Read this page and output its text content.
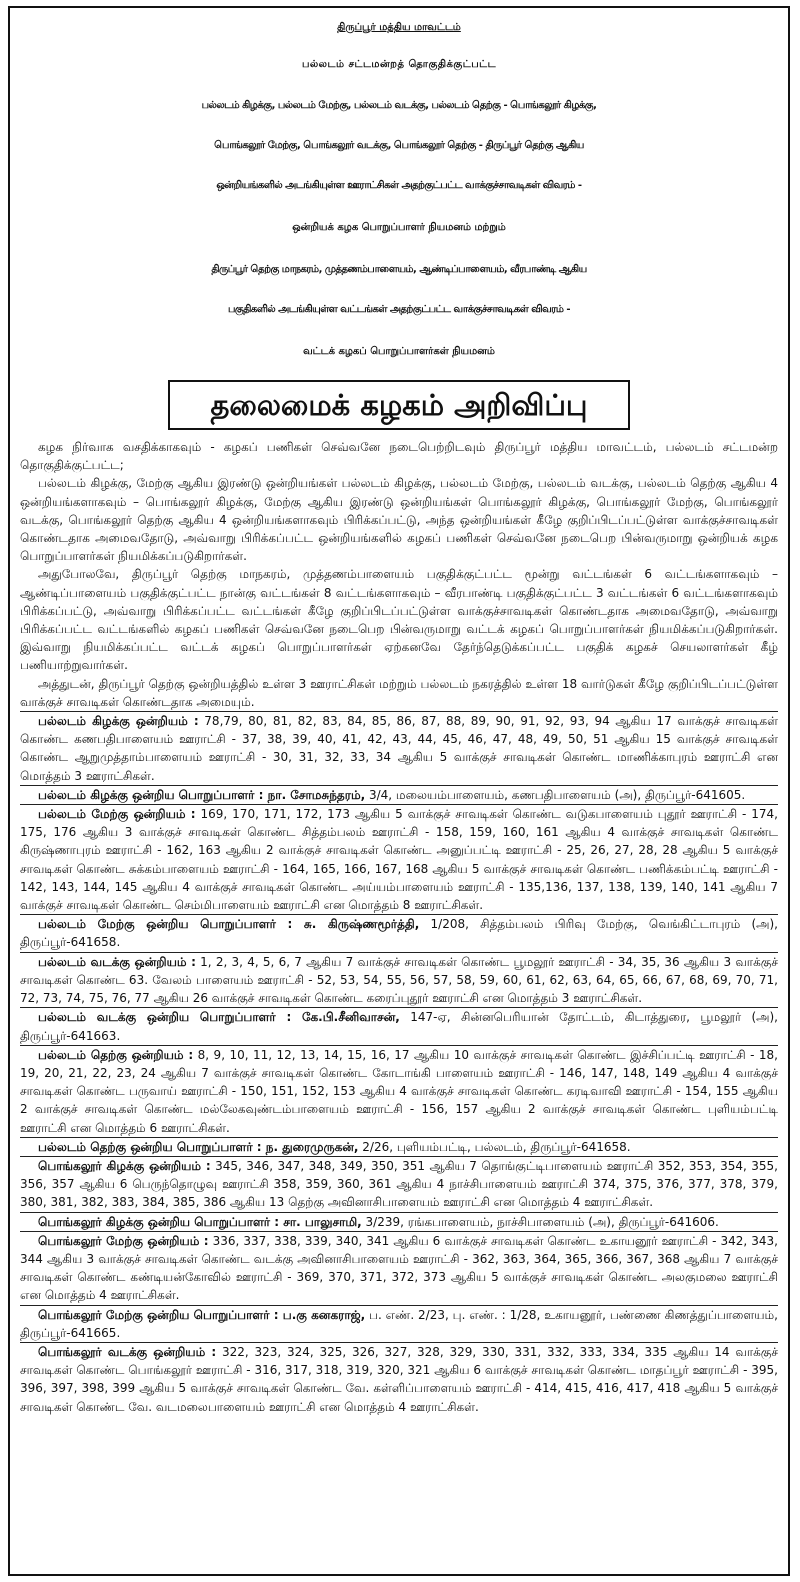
திருப்பூர் மத்திய மாவட்டம்
பல்லடம் சட்டமன்றத் தொகுதிக்குட்பட்ட
பல்லடம் கிழக்கு, பல்லடம் மேற்கு, பல்லடம் வடக்கு, பல்லடம் தெற்கு - பொங்கலூர் கிழக்கு,
பொங்கலூர் மேற்கு, பொங்கலூர் வடக்கு, பொங்கலூர் தெற்கு - திருப்பூர் தெற்கு ஆகிய
ஒன்றியங்களில் அடங்கியுள்ள ஊராட்சிகள் அதற்குட்பட்ட வாக்குச்சாவடிகள் விவரம் -
ஒன்றியக் கழக பொறுப்பாளர் நியமனம் மற்றும்
திருப்பூர் தெற்கு மாநகரம், முத்தணம்பாளையம், ஆண்டிப்பாளையம், வீரபாண்டி ஆகிய
பகுதிகளில் அடங்கியுள்ள வட்டங்கள் அதற்குட்பட்ட வாக்குச்சாவடிகள் விவரம் -
வட்டக் கழகப் பொறுப்பாளர்கள் நியமனம்
தலைமைக் கழகம் அறிவிப்பு

கழக நிர்வாக வசதிக்காகவும் - கழகப் பணிகள் செவ்வனே நடைபெற்றிடவும் திருப்பூர் மத்திய மாவட்டம், பல்லடம் சட்டமன்ற தொகுதிக்குட்பட்ட;

பல்லடம் கிழக்கு, மேற்கு ஆகிய இரண்டு ஒன்றியங்கள் பல்லடம் கிழக்கு, பல்லடம் மேற்கு, பல்லடம் வடக்கு, பல்லடம் தெற்கு ஆகிய 4 ஒன்றியங்களாகவும் – பொங்கலூர் கிழக்கு, மேற்கு ஆகிய இரண்டு ஒன்றியங்கள் பொங்கலூர் கிழக்கு, பொங்கலூர் மேற்கு, பொங்கலூர் வடக்கு, பொங்கலூர் தெற்கு ஆகிய 4 ஒன்றியங்களாகவும் பிரிக்கப்பட்டு, அந்த ஒன்றியங்கள் கீழே குறிப்பிடப்பட்டுள்ள வாக்குச்சாவடிகள் கொண்டதாக அமைவதோடு, அவ்வாறு பிரிக்கப்பட்ட ஒன்றியங்களில் கழகப் பணிகள் செவ்வனே நடைபெற பின்வருமாறு ஒன்றியக் கழக பொறுப்பாளர்கள் நியமிக்கப்படுகிறார்கள்.

அதுபோலவே, திருப்பூர் தெற்கு மாநகரம், முத்தணம்பாளையம் பகுதிக்குட்பட்ட மூன்று வட்டங்கள் 6 வட்டங்களாகவும் – ஆண்டிப்பாளையம் பகுதிக்குட்பட்ட நான்கு வட்டங்கள் 8 வட்டங்களாகவும் – வீரபாண்டி பகுதிக்குட்பட்ட 3 வட்டங்கள் 6 வட்டங்களாகவும் பிரிக்கப்பட்டு, அவ்வாறு பிரிக்கப்பட்ட வட்டங்கள் கீழே குறிப்பிடப்பட்டுள்ள வாக்குச்சாவடிகள் கொண்டதாக அமைவதோடு, அவ்வாறு பிரிக்கப்பட்ட வட்டங்களில் கழகப் பணிகள் செவ்வனே நடைபெற பின்வருமாறு வட்டக் கழகப் பொறுப்பாளர்கள் நியமிக்கப்படுகிறார்கள். இவ்வாறு நியமிக்கப்பட்ட வட்டக் கழகப் பொறுப்பாளர்கள் ஏற்கனவே தேர்ந்தெடுக்கப்பட்ட பகுதிக் கழகச் செயலாளர்கள் கீழ் பணியாற்றுவார்கள்.

அத்துடன், திருப்பூர் தெற்கு ஒன்றியத்தில் உள்ள 3 ஊராட்சிகள் மற்றும் பல்லடம் நகரத்தில் உள்ள 18 வார்டுகள் கீழே குறிப்பிடப்பட்டுள்ள வாக்குச் சாவடிகள் கொண்டதாக அமையும்.

பல்லடம் கிழக்கு ஒன்றியம் : 78,79, 80, 81, 82, 83, 84, 85, 86, 87, 88, 89, 90, 91, 92, 93, 94 ஆகிய 17 வாக்குச் சாவடிகள் கொண்ட கணபதிபாளையம் ஊராட்சி - 37, 38, 39, 40, 41, 42, 43, 44, 45, 46, 47, 48, 49, 50, 51 ஆகிய 15 வாக்குச் சாவடிகள் கொண்ட ஆறுமுத்தாம்பாளையம் ஊராட்சி - 30, 31, 32, 33, 34 ஆகிய 5 வாக்குச் சாவடிகள் கொண்ட மாணிக்காபுரம் ஊராட்சி என மொத்தம் 3 ஊராட்சிகள்.

பல்லடம் கிழக்கு ஒன்றிய பொறுப்பாளர் : நா. சோமசுந்தரம், 3/4, மலையம்பாளையம், கணபதிபாளையம் (அ), திருப்பூர்-641605.

பல்லடம் மேற்கு ஒன்றியம் : 169, 170, 171, 172, 173 ஆகிய 5 வாக்குச் சாவடிகள் கொண்ட வடுகபாளையம் புதூர் ஊராட்சி - 174, 175, 176 ஆகிய 3 வாக்குச் சாவடிகள் கொண்ட சித்தம்பலம் ஊராட்சி - 158, 159, 160, 161 ஆகிய 4 வாக்குச் சாவடிகள் கொண்ட கிருஷ்ணாபுரம் ஊராட்சி - 162, 163 ஆகிய 2 வாக்குச் சாவடிகள் கொண்ட அனுப்பட்டி ஊராட்சி - 25, 26, 27, 28, 28 ஆகிய 5 வாக்குச் சாவடிகள் கொண்ட சுக்கம்பாளையம் ஊராட்சி - 164, 165, 166, 167, 168 ஆகிய 5 வாக்குச் சாவடிகள் கொண்ட பணிக்கம்பட்டி ஊராட்சி - 142, 143, 144, 145 ஆகிய 4 வாக்குச் சாவடிகள் கொண்ட அய்யம்பாளையம் ஊராட்சி - 135,136, 137, 138, 139, 140, 141 ஆகிய 7 வாக்குச் சாவடிகள் கொண்ட செம்மிபாளையம் ஊராட்சி என மொத்தம் 8 ஊராட்சிகள்.

பல்லடம் மேற்கு ஒன்றிய பொறுப்பாளர் : சு. கிருஷ்ணமூர்த்தி, 1/208, சித்தம்பலம் பிரிவு மேற்கு, வெங்கிட்டாபுரம் (அ), திருப்பூர்-641658.

பல்லடம் வடக்கு ஒன்றியம் : 1, 2, 3, 4, 5, 6, 7 ஆகிய 7 வாக்குச் சாவடிகள் கொண்ட பூமலூர் ஊராட்சி - 34, 35, 36 ஆகிய 3 வாக்குச் சாவடிகள் கொண்ட 63. வேலம் பாளையம் ஊராட்சி - 52, 53, 54, 55, 56, 57, 58, 59, 60, 61, 62, 63, 64, 65, 66, 67, 68, 69, 70, 71, 72, 73, 74, 75, 76, 77 ஆகிய 26 வாக்குச் சாவடிகள் கொண்ட கரைப்புதூர் ஊராட்சி என மொத்தம் 3 ஊராட்சிகள்.

பல்லடம் வடக்கு ஒன்றிய பொறுப்பாளர் : கே.பி.சீனிவாசன், 147-ஏ, சின்னபெரியான் தோட்டம், கிடாத்துரை, பூமலூர் (அ), திருப்பூர்-641663.

பல்லடம் தெற்கு ஒன்றியம் : 8, 9, 10, 11, 12, 13, 14, 15, 16, 17 ஆகிய 10 வாக்குச் சாவடிகள் கொண்ட இச்சிப்பட்டி ஊராட்சி - 18, 19, 20, 21, 22, 23, 24 ஆகிய 7 வாக்குச் சாவடிகள் கொண்ட கோடாங்கி பாளையம் ஊராட்சி - 146, 147, 148, 149 ஆகிய 4 வாக்குச் சாவடிகள் கொண்ட பருவாய் ஊராட்சி - 150, 151, 152, 153 ஆகிய 4 வாக்குச் சாவடிகள் கொண்ட கரடிவாவி ஊராட்சி - 154, 155 ஆகிய 2 வாக்குச் சாவடிகள் கொண்ட மல்லேகவுண்டம்பாளையம் ஊராட்சி - 156, 157 ஆகிய 2 வாக்குச் சாவடிகள் கொண்ட புளியம்பட்டி ஊராட்சி என மொத்தம் 6 ஊராட்சிகள்.

பல்லடம் தெற்கு ஒன்றிய பொறுப்பாளர் : ந. துரைமுருகன், 2/26, புளியம்பட்டி, பல்லடம், திருப்பூர்-641658.

பொங்கலூர் கிழக்கு ஒன்றியம் : 345, 346, 347, 348, 349, 350, 351 ஆகிய 7 தொங்குட்டிபாளையம் ஊராட்சி 352, 353, 354, 355, 356, 357 ஆகிய 6 பெருந்தொழுவு ஊராட்சி 358, 359, 360, 361 ஆகிய 4 நாச்சிபாளையம் ஊராட்சி 374, 375, 376, 377, 378, 379, 380, 381, 382, 383, 384, 385, 386 ஆகிய 13 தெற்கு அவினாசிபாளையம் ஊராட்சி என மொத்தம் 4 ஊராட்சிகள்.

பொங்கலூர் கிழக்கு ஒன்றிய பொறுப்பாளர் : சா. பாலுசாமி, 3/239, ரங்கபாளையம், நாச்சிபாளையம் (அ), திருப்பூர்-641606.

பொங்கலூர் மேற்கு ஒன்றியம் : 336, 337, 338, 339, 340, 341 ஆகிய 6 வாக்குச் சாவடிகள் கொண்ட உகாயனூர் ஊராட்சி - 342, 343, 344 ஆகிய 3 வாக்குச் சாவடிகள் கொண்ட வடக்கு அவினாசிபாளையம் ஊராட்சி - 362, 363, 364, 365, 366, 367, 368 ஆகிய 7 வாக்குச் சாவடிகள் கொண்ட கண்டியன்கோவில் ஊராட்சி - 369, 370, 371, 372, 373 ஆகிய 5 வாக்குச் சாவடிகள் கொண்ட அலகுமலை ஊராட்சி என மொத்தம் 4 ஊராட்சிகள்.

பொங்கலூர் மேற்கு ஒன்றிய பொறுப்பாளர் : ப.கு கனகராஜ், ப. எண். 2/23, பு. எண். : 1/28, உகாயனூர், பண்ணை கிணத்துப்பாளையம், திருப்பூர்-641665.

பொங்கலூர் வடக்கு ஒன்றியம் : 322, 323, 324, 325, 326, 327, 328, 329, 330, 331, 332, 333, 334, 335 ஆகிய 14 வாக்குச் சாவடிகள் கொண்ட பொங்கலூர் ஊராட்சி - 316, 317, 318, 319, 320, 321 ஆகிய 6 வாக்குச் சாவடிகள் கொண்ட மாதப்பூர் ஊராட்சி - 395, 396, 397, 398, 399 ஆகிய 5 வாக்குச் சாவடிகள் கொண்ட வே. கள்ளிப்பாளையம் ஊராட்சி - 414, 415, 416, 417, 418 ஆகிய 5 வாக்குச் சாவடிகள் கொண்ட வே. வடமலைபாளையம் ஊராட்சி என மொத்தம் 4 ஊராட்சிகள்.
